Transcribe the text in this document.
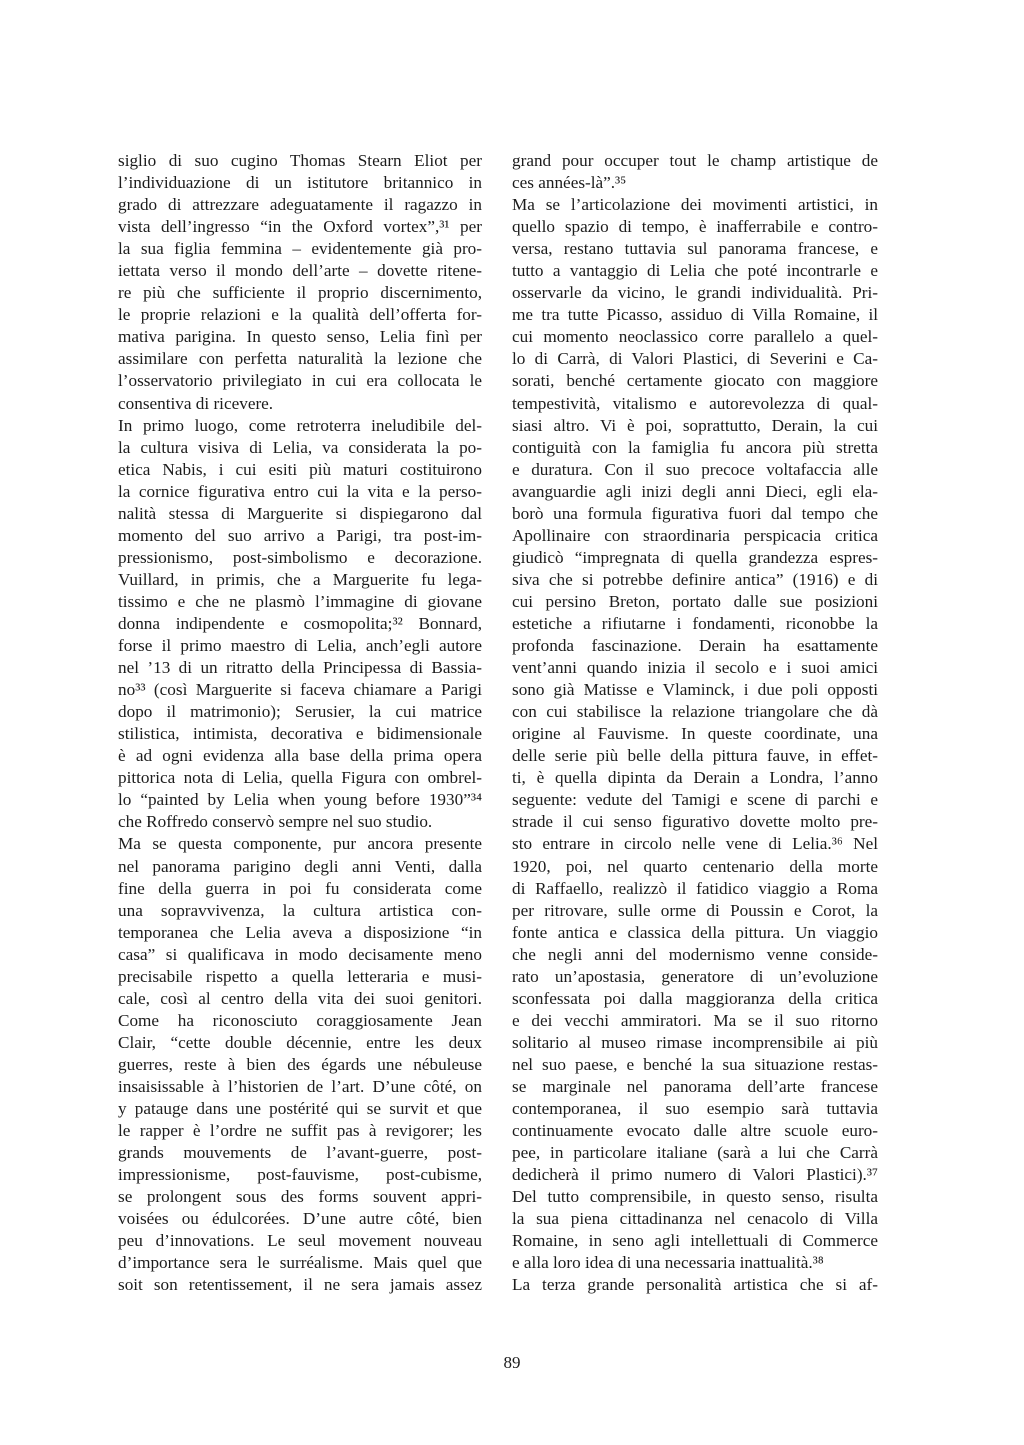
siglio di suo cugino Thomas Stearn Eliot per
l’individuazione di un istitutore britannico in
grado di attrezzare adeguatamente il ragazzo in
vista dell’ingresso “in the Oxford vortex”,³¹ per
la sua figlia femmina – evidentemente già pro-
iettata verso il mondo dell’arte – dovette ritene-
re più che sufficiente il proprio discernimento,
le proprie relazioni e la qualità dell’offerta for-
mativa parigina. In questo senso, Lelia finì per
assimilare con perfetta naturalità la lezione che
l’osservatorio privilegiato in cui era collocata le
consentiva di ricevere.
In primo luogo, come retroterra ineludibile del-
la cultura visiva di Lelia, va considerata la po-
etica Nabis, i cui esiti più maturi costituirono
la cornice figurativa entro cui la vita e la perso-
nalità stessa di Marguerite si dispiegarono dal
momento del suo arrivo a Parigi, tra post-im-
pressionismo, post-simbolismo e decorazione.
Vuillard, in primis, che a Marguerite fu lega-
tissimo e che ne plasmò l’immagine di giovane
donna indipendente e cosmopolita;³² Bonnard,
forse il primo maestro di Lelia, anch’egli autore
nel ’13 di un ritratto della Principessa di Bassia-
no³³ (così Marguerite si faceva chiamare a Parigi
dopo il matrimonio); Serusier, la cui matrice
stilistica, intimista, decorativa e bidimensionale
è ad ogni evidenza alla base della prima opera
pittorica nota di Lelia, quella Figura con ombrel-
lo “painted by Lelia when young before 1930”³⁴
che Roffredo conservò sempre nel suo studio.
Ma se questa componente, pur ancora presente
nel panorama parigino degli anni Venti, dalla
fine della guerra in poi fu considerata come
una sopravvivenza, la cultura artistica con-
temporanea che Lelia aveva a disposizione “in
casa” si qualificava in modo decisamente meno
precisabile rispetto a quella letteraria e musi-
cale, così al centro della vita dei suoi genitori.
Come ha riconosciuto coraggiosamente Jean
Clair, “cette double décennie, entre les deux
guerres, reste à bien des égards une nébuleuse
insaisissable à l’historien de l’art. D’une côté, on
y patauge dans une postérité qui se survit et que
le rapper è l’ordre ne suffit pas à revigorer; les
grands mouvements de l’avant-guerre, post-
impressionisme, post-fauvisme, post-cubisme,
se prolongent sous des forms souvent appri-
voisées ou édulcorées. D’une autre côté, bien
peu d’innovations. Le seul movement nouveau
d’importance sera le surréalisme. Mais quel que
soit son retentissement, il ne sera jamais assez
grand pour occuper tout le champ artistique de
ces années-là”.³⁵
Ma se l’articolazione dei movimenti artistici, in
quello spazio di tempo, è inafferrabile e contro-
versa, restano tuttavia sul panorama francese, e
tutto a vantaggio di Lelia che poté incontrarle e
osservarle da vicino, le grandi individualità. Pri-
me tra tutte Picasso, assiduo di Villa Romaine, il
cui momento neoclassico corre parallelo a quel-
lo di Carrà, di Valori Plastici, di Severini e Ca-
sorati, benché certamente giocato con maggiore
tempestività, vitalismo e autorevolezza di qual-
siasi altro. Vi è poi, soprattutto, Derain, la cui
contiguità con la famiglia fu ancora più stretta
e duratura. Con il suo precoce voltafaccia alle
avanguardie agli inizi degli anni Dieci, egli ela-
borò una formula figurativa fuori dal tempo che
Apollinaire con straordinaria perspicacia critica
giudicò “impregnata di quella grandezza espres-
siva che si potrebbe definire antica” (1916) e di
cui persino Breton, portato dalle sue posizioni
estetiche a rifiutarne i fondamenti, riconobbe la
profonda fascinazione. Derain ha esattamente
vent’anni quando inizia il secolo e i suoi amici
sono già Matisse e Vlaminck, i due poli opposti
con cui stabilisce la relazione triangolare che dà
origine al Fauvisme. In queste coordinate, una
delle serie più belle della pittura fauve, in effet-
ti, è quella dipinta da Derain a Londra, l’anno
seguente: vedute del Tamigi e scene di parchi e
strade il cui senso figurativo dovette molto pre-
sto entrare in circolo nelle vene di Lelia.³⁶ Nel
1920, poi, nel quarto centenario della morte
di Raffaello, realizzò il fatidico viaggio a Roma
per ritrovare, sulle orme di Poussin e Corot, la
fonte antica e classica della pittura. Un viaggio
che negli anni del modernismo venne conside-
rato un’apostasia, generatore di un’evoluzione
sconfessata poi dalla maggioranza della critica
e dei vecchi ammiratori. Ma se il suo ritorno
solitario al museo rimase incomprensibile ai più
nel suo paese, e benché la sua situazione restas-
se marginale nel panorama dell’arte francese
contemporanea, il suo esempio sarà tuttavia
continuamente evocato dalle altre scuole euro-
pee, in particolare italiane (sarà a lui che Carrà
dedicherà il primo numero di Valori Plastici).³⁷
Del tutto comprensibile, in questo senso, risulta
la sua piena cittadinanza nel cenacolo di Villa
Romaine, in seno agli intellettuali di Commerce
e alla loro idea di una necessaria inattualità.³⁸
La terza grande personalità artistica che si af-
89
